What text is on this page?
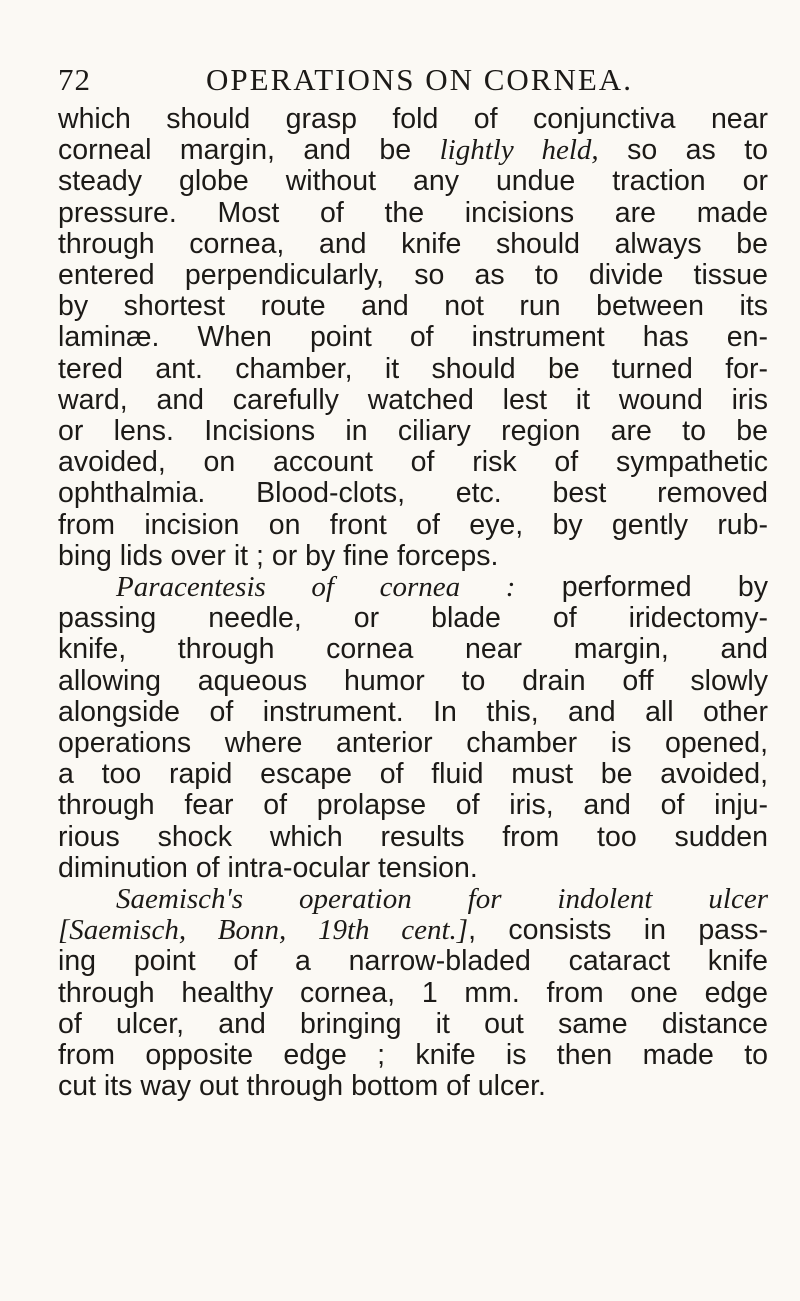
72	OPERATIONS ON CORNEA.
which should grasp fold of conjunctiva near
corneal margin, and be lightly held, so as to
steady globe without any undue traction or
pressure. Most of the incisions are made
through cornea, and knife should always be
entered perpendicularly, so as to divide tissue
by shortest route and not run between its
laminæ. When point of instrument has en-
tered ant. chamber, it should be turned for-
ward, and carefully watched lest it wound iris
or lens. Incisions in ciliary region are to be
avoided, on account of risk of sympathetic
ophthalmia. Blood-clots, etc. best removed
from incision on front of eye, by gently rub-
bing lids over it ; or by fine forceps.
Paracentesis of cornea : performed by
passing needle, or blade of iridectomy-
knife, through cornea near margin, and
allowing aqueous humor to drain off slowly
alongside of instrument. In this, and all other
operations where anterior chamber is opened,
a too rapid escape of fluid must be avoided,
through fear of prolapse of iris, and of inju-
rious shock which results from too sudden
diminution of intra-ocular tension.
Saemisch's operation for indolent ulcer
[Saemisch, Bonn, 19th cent.], consists in pass-
ing point of a narrow-bladed cataract knife
through healthy cornea, 1 mm. from one edge
of ulcer, and bringing it out same distance
from opposite edge ; knife is then made to
cut its way out through bottom of ulcer.
